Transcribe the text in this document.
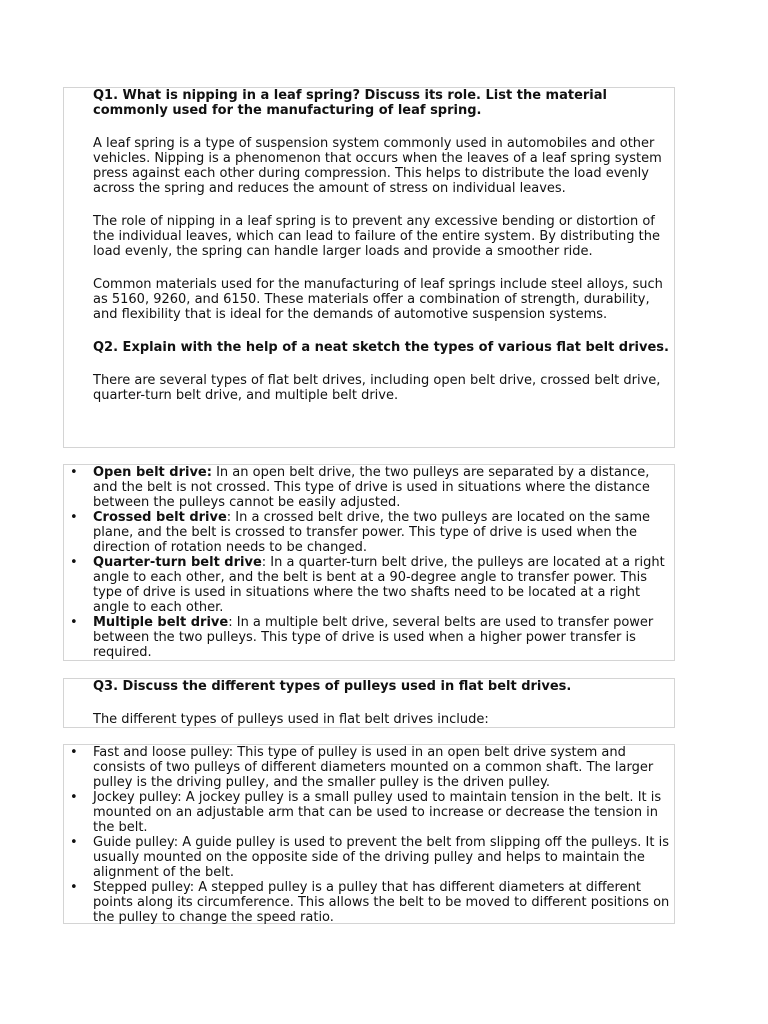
Q1. What is nipping in a leaf spring? Discuss its role. List the material commonly used for the manufacturing of leaf spring.

A leaf spring is a type of suspension system commonly used in automobiles and other vehicles. Nipping is a phenomenon that occurs when the leaves of a leaf spring system press against each other during compression. This helps to distribute the load evenly across the spring and reduces the amount of stress on individual leaves.

The role of nipping in a leaf spring is to prevent any excessive bending or distortion of the individual leaves, which can lead to failure of the entire system. By distributing the load evenly, the spring can handle larger loads and provide a smoother ride.

Common materials used for the manufacturing of leaf springs include steel alloys, such as 5160, 9260, and 6150. These materials offer a combination of strength, durability, and flexibility that is ideal for the demands of automotive suspension systems.

Q2. Explain with the help of a neat sketch the types of various flat belt drives.

There are several types of flat belt drives, including open belt drive, crossed belt drive, quarter-turn belt drive, and multiple belt drive.

• Open belt drive: In an open belt drive, the two pulleys are separated by a distance, and the belt is not crossed. This type of drive is used in situations where the distance between the pulleys cannot be easily adjusted.
• Crossed belt drive: In a crossed belt drive, the two pulleys are located on the same plane, and the belt is crossed to transfer power. This type of drive is used when the direction of rotation needs to be changed.
• Quarter-turn belt drive: In a quarter-turn belt drive, the pulleys are located at a right angle to each other, and the belt is bent at a 90-degree angle to transfer power. This type of drive is used in situations where the two shafts need to be located at a right angle to each other.
• Multiple belt drive: In a multiple belt drive, several belts are used to transfer power between the two pulleys. This type of drive is used when a higher power transfer is required.

Q3. Discuss the different types of pulleys used in flat belt drives.

The different types of pulleys used in flat belt drives include:

• Fast and loose pulley: This type of pulley is used in an open belt drive system and consists of two pulleys of different diameters mounted on a common shaft. The larger pulley is the driving pulley, and the smaller pulley is the driven pulley.
• Jockey pulley: A jockey pulley is a small pulley used to maintain tension in the belt. It is mounted on an adjustable arm that can be used to increase or decrease the tension in the belt.
• Guide pulley: A guide pulley is used to prevent the belt from slipping off the pulleys. It is usually mounted on the opposite side of the driving pulley and helps to maintain the alignment of the belt.
• Stepped pulley: A stepped pulley is a pulley that has different diameters at different points along its circumference. This allows the belt to be moved to different positions on the pulley to change the speed ratio.
